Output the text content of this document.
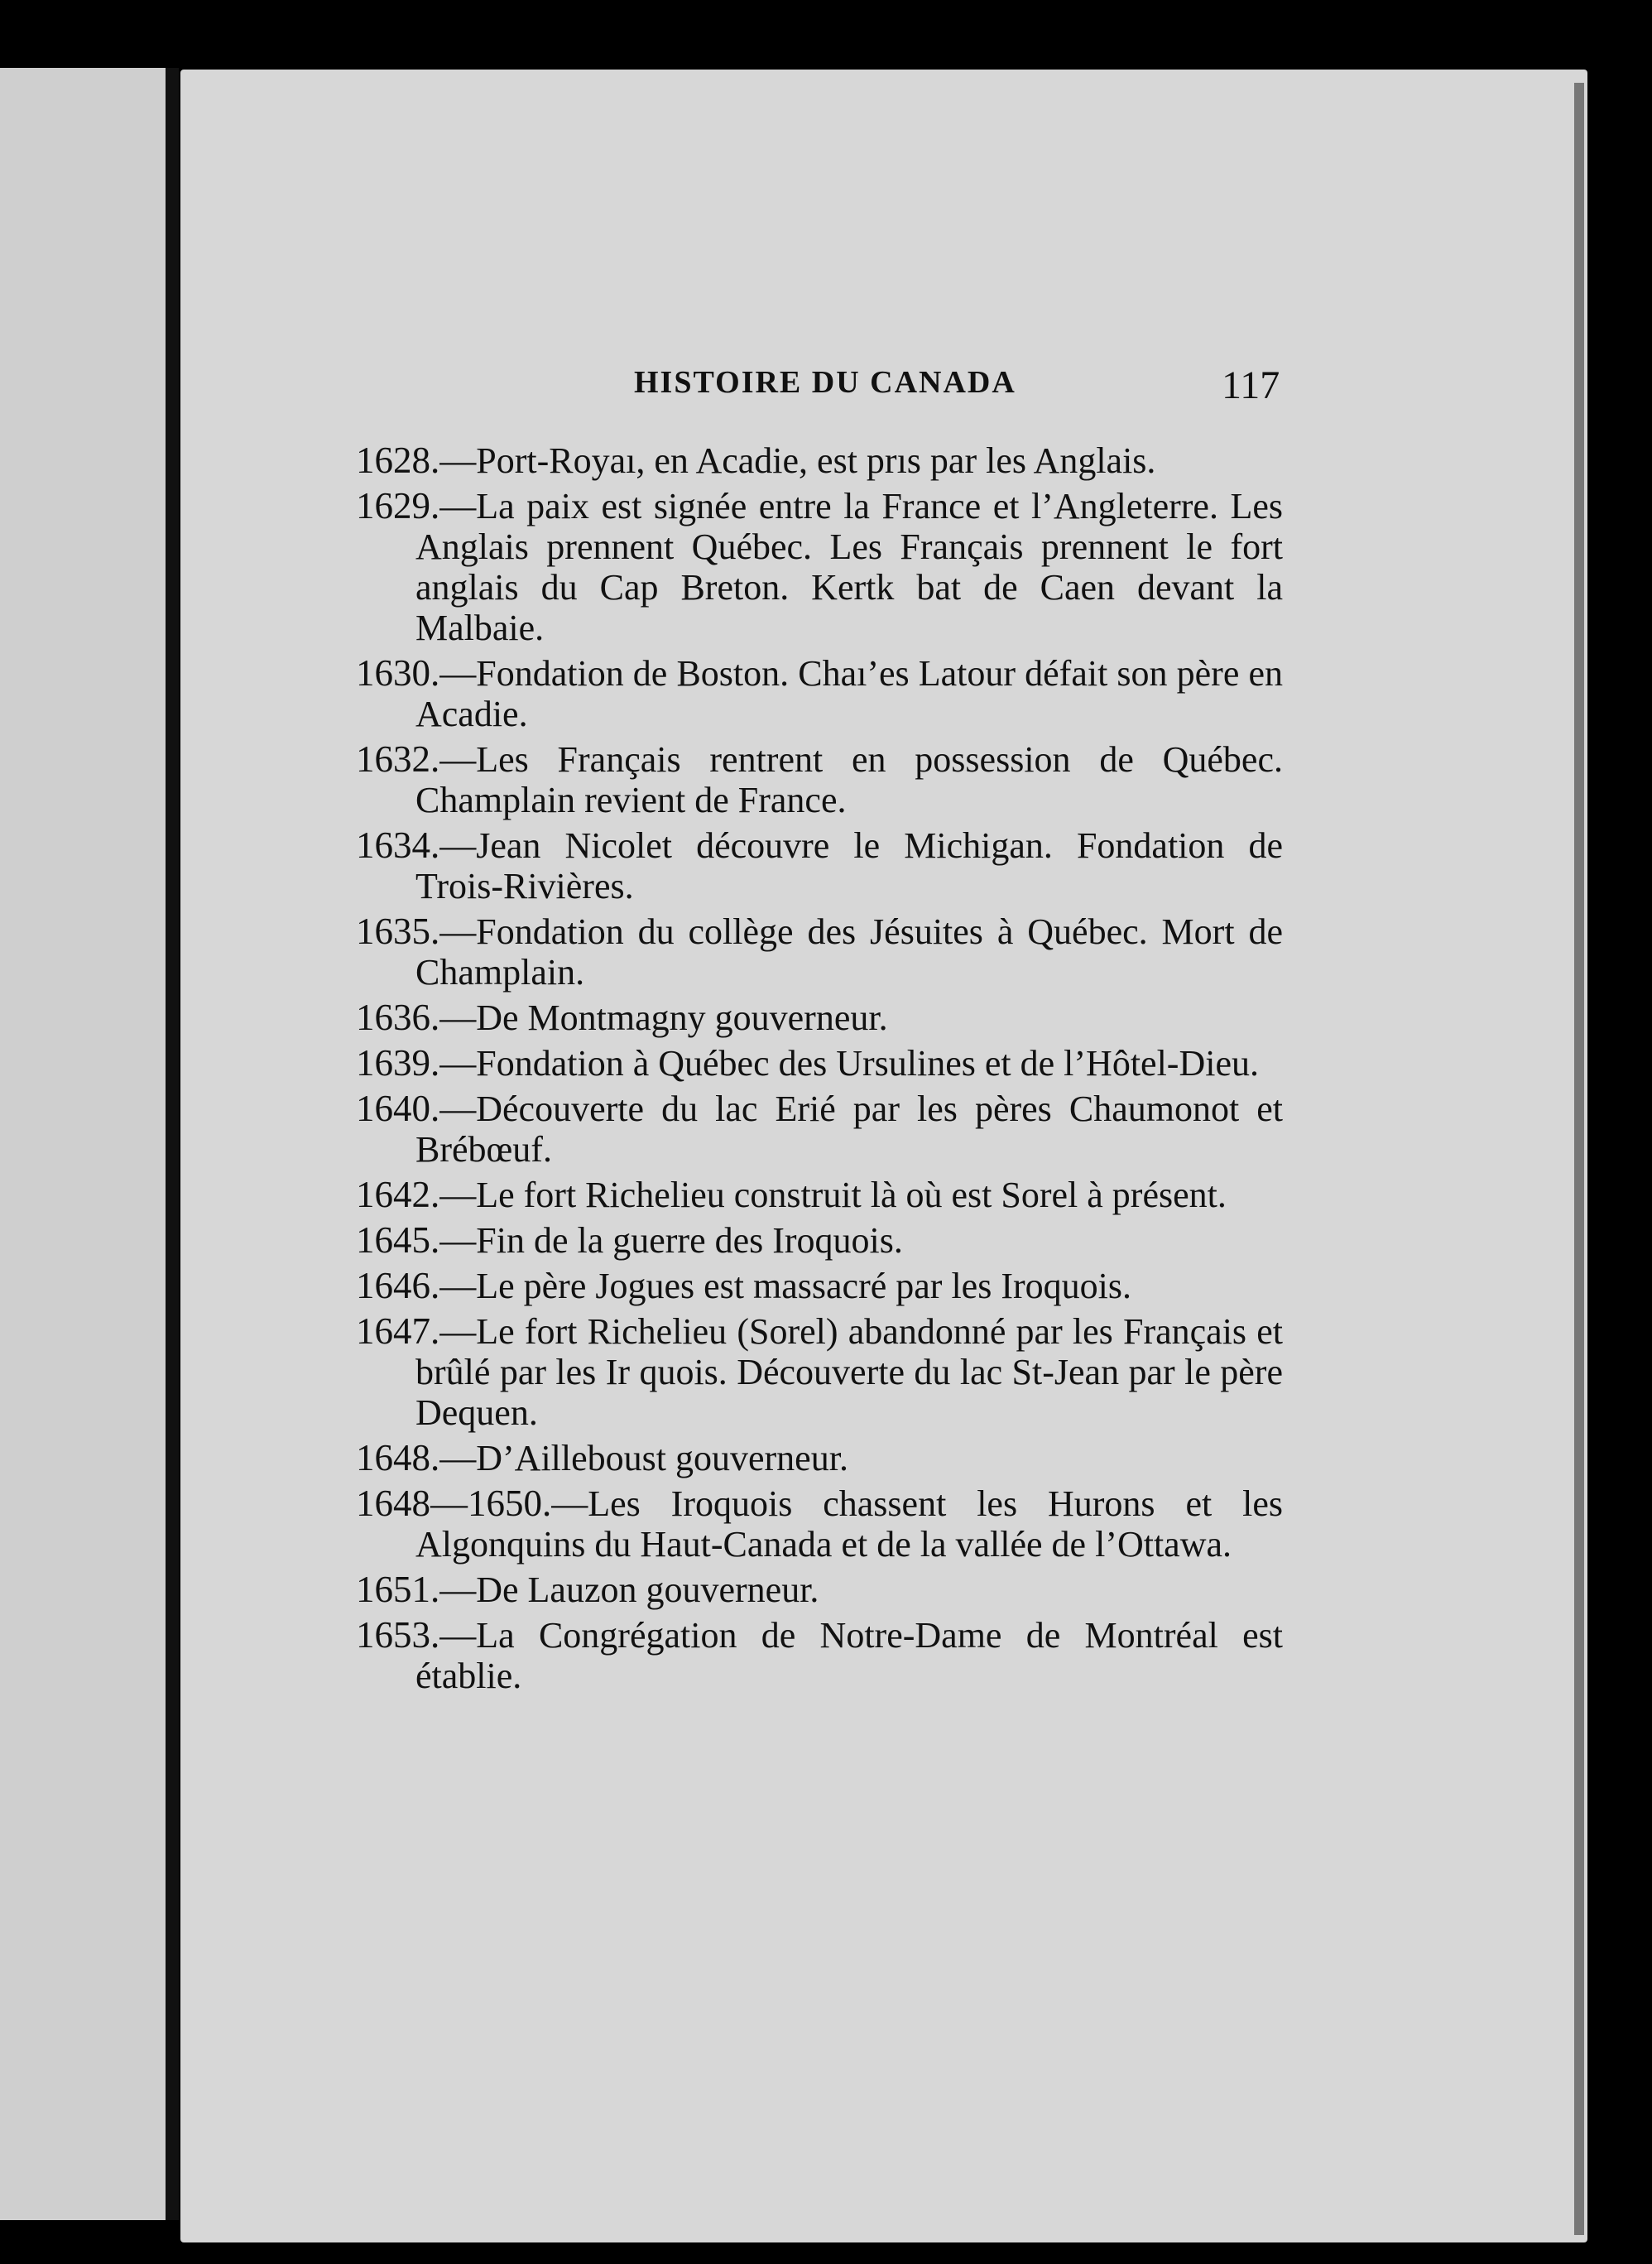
HISTOIRE DU CANADA	117
1628.—Port-Royaı, en Acadie, est prıs par les Anglais.
1629.—La paix est signée entre la France et l’Angleterre. Les Anglais prennent Québec. Les Français prennent le fort anglais du Cap Breton. Kertk bat de Caen devant la Malbaie.
1630.—Fondation de Boston. Chaı’es Latour défait son père en Acadie.
1632.—Les Français rentrent en possession de Québec. Champlain revient de France.
1634.—Jean Nicolet découvre le Michigan. Fondation de Trois-Rivières.
1635.—Fondation du collège des Jésuites à Québec. Mort de Champlain.
1636.—De Montmagny gouverneur.
1639.—Fondation à Québec des Ursulines et de l’Hôtel-Dieu.
1640.—Découverte du lac Erié par les pères Chaumonot et Brébœuf.
1642.—Le fort Richelieu construit là où est Sorel à présent.
1645.—Fin de la guerre des Iroquois.
1646.—Le père Jogues est massacré par les Iroquois.
1647.—Le fort Richelieu (Sorel) abandonné par les Français et brûlé par les Ir quois. Découverte du lac St-Jean par le père Dequen.
1648.—D’Ailleboust gouverneur.
1648—1650.—Les Iroquois chassent les Hurons et les Algonquins du Haut-Canada et de la vallée de l’Ottawa.
1651.—De Lauzon gouverneur.
1653.—La Congrégation de Notre-Dame de Montréal est établie.
